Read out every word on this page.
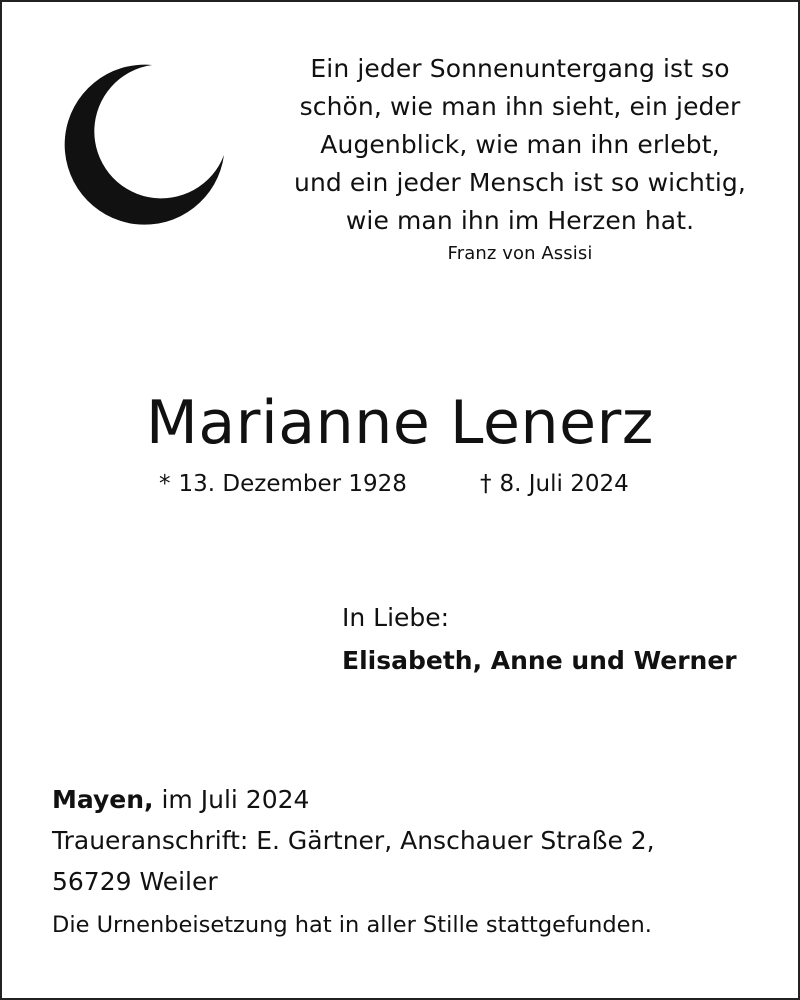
Ein jeder Sonnenuntergang ist so
schön, wie man ihn sieht, ein jeder
Augenblick, wie man ihn erlebt,
und ein jeder Mensch ist so wichtig,
wie man ihn im Herzen hat.
Franz von Assisi
Marianne Lenerz
* 13. Dezember 1928	† 8. Juli 2024
In Liebe:
Elisabeth, Anne und Werner
Mayen, im Juli 2024
Traueranschrift: E. Gärtner, Anschauer Straße 2,
56729 Weiler
Die Urnenbeisetzung hat in aller Stille stattgefunden.
